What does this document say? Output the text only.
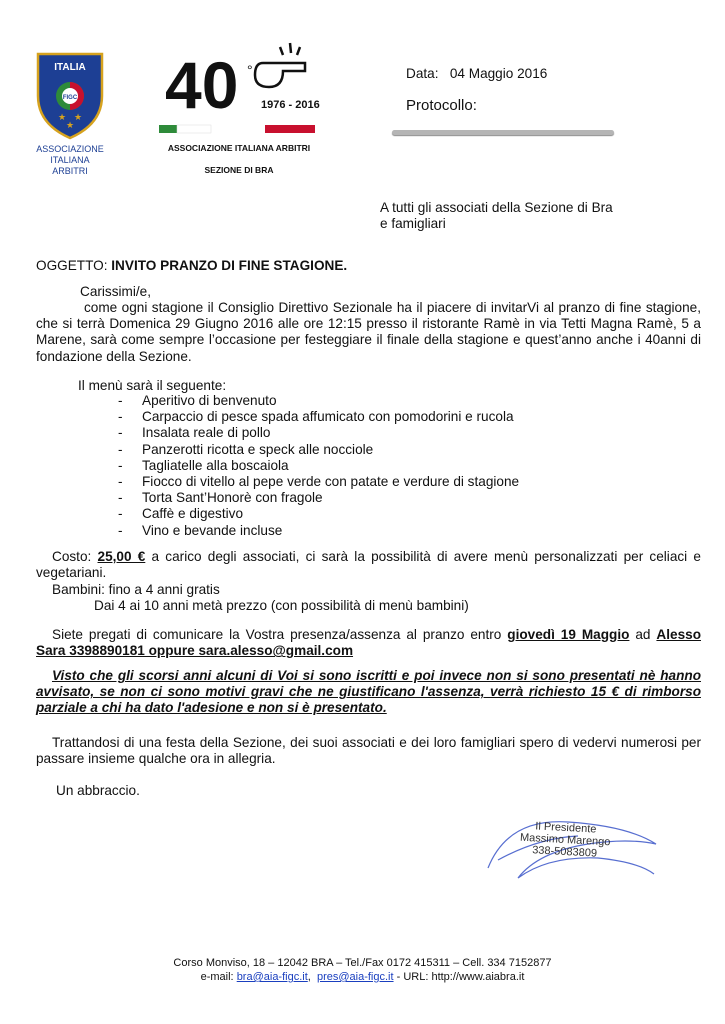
ITALIA
FIGC
★
★
★
ASSOCIAZIONE
ITALIANA
ARBITRI
40 °
1976 - 2016
ASSOCIAZIONE ITALIANA ARBITRI
SEZIONE DI BRA
Data: 04 Maggio 2016
Protocollo:
A tutti gli associati della Sezione di Bra
e famigliari
OGGETTO: INVITO PRANZO DI FINE STAGIONE.
Carissimi/e,
come ogni stagione il Consiglio Direttivo Sezionale ha il piacere di invitarVi al pranzo di fine stagione, che si terrà Domenica 29 Giugno 2016 alle ore 12:15 presso il ristorante Ramè in via Tetti Magna Ramè, 5 a Marene, sarà come sempre l’occasione per festeggiare il finale della stagione e quest’anno anche i 40anni di fondazione della Sezione.
Il menù sarà il seguente:
- Aperitivo di benvenuto
- Carpaccio di pesce spada affumicato con pomodorini e rucola
- Insalata reale di pollo
- Panzerotti ricotta e speck alle nocciole
- Tagliatelle alla boscaiola
- Fiocco di vitello al pepe verde con patate e verdure di stagione
- Torta Sant’Honorè con fragole
- Caffè e digestivo
- Vino e bevande incluse
Costo: 25,00 € a carico degli associati, ci sarà la possibilità di avere menù personalizzati per celiaci e vegetariani.
Bambini: fino a 4 anni gratis
Dai 4 ai 10 anni metà prezzo (con possibilità di menù bambini)
Siete pregati di comunicare la Vostra presenza/assenza al pranzo entro giovedì 19 Maggio ad Alesso Sara 3398890181 oppure sara.alesso@gmail.com
Visto che gli scorsi anni alcuni di Voi si sono iscritti e poi invece non si sono presentati nè hanno avvisato, se non ci sono motivi gravi che ne giustificano l'assenza, verrà richiesto 15 € di rimborso parziale a chi ha dato l'adesione e non si è presentato.
Trattandosi di una festa della Sezione, dei suoi associati e dei loro famigliari spero di vedervi numerosi per passare insieme qualche ora in allegria.
Un abbraccio.
Il Presidente
Massimo Marengo
338-5083809
Corso Monviso, 18 – 12042 BRA – Tel./Fax 0172 415311 – Cell. 334 7152877
e-mail: bra@aia-figc.it,  pres@aia-figc.it - URL: http://www.aiabra.it
